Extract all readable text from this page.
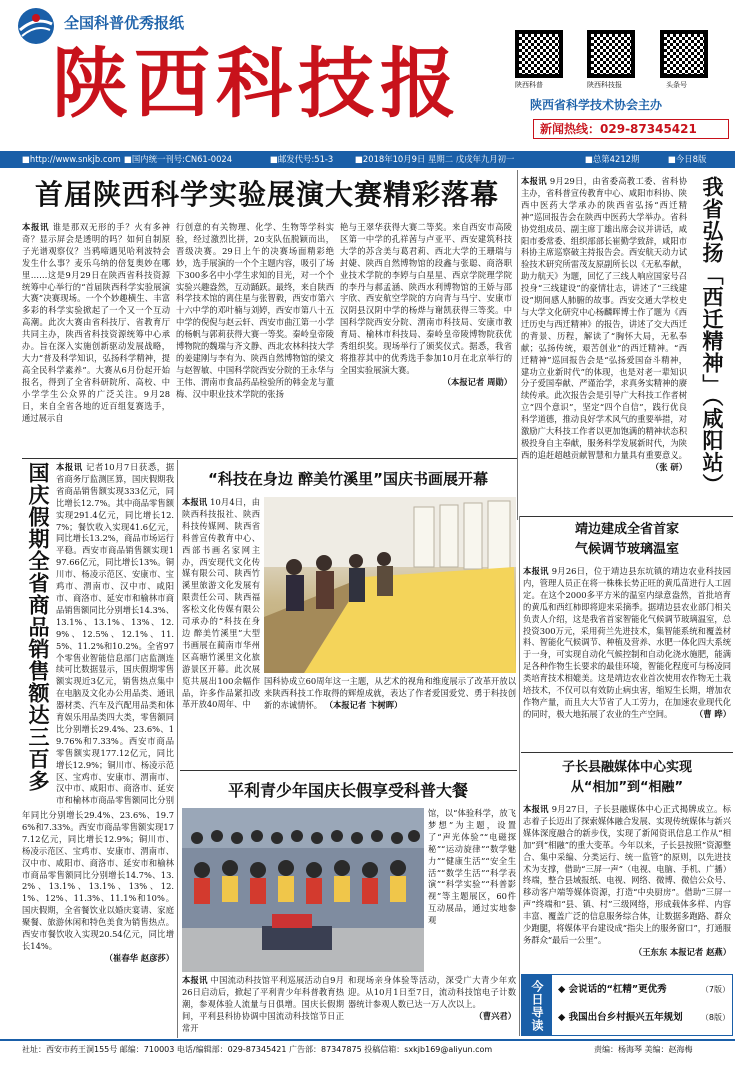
全国科普优秀报纸
陕西科技报	陕西科普	陕西科技报	头条号
陕西省科学技术协会主办
新闻热线：029-87345421
■http://www.snkjb.com ■国内统一刊号:CN61-0024	■邮发代号:51-3	■2018年10月9日 星期二 戊戌年九月初一	■总第4212期	■今日8版
首届陕西科学实验展演大赛精彩落幕
本报讯 谁是那双无形的手？火有多神奇？显示屏会是透明的吗？如何自制原子光谱观察仪？当鸦啼遇见哈利波特会发生什么事？麦乐乌纳的倍复奥妙在哪里……这是9月29日在陕西省科技资源统筹中心举行的“首届陕西科学实验展演大赛”决赛现场。一个个妙趣横生、丰富多彩的科学实验掀起了一个又一个互动高潮。此次大赛由省科技厅、省教育厅共同主办，陕西省科技资源统筹中心承办。旨在深入实施创新驱动发展战略，大力“普及科学知识，弘扬科学精神，提高全民科学素养”。大赛从6月份起开始报名，得到了全省科研院所、高校、中小学学生公众界的广泛关注。9月28日，来自全省各地的近百组复赛选手，通过展示自
行创意的有关物理、化学、生物等学科实验，经过激烈比拼，20支队伍脱颖而出，晋级决赛。29日上午的决赛场面精彩绝妙，选手展演的一个个主题内容，吸引了场下300多名中小学生求知的目光，对一个个实验兴趣盎然，互动踊跃。最终，来自陕西科学技术馆的离住星与张智毅，西安市第六十六中学的邓叶楠与刘婷，西安市第八十五中学的倪倪与赵云轩、西安市曲江第一小学的杨帆与郭莉获得大赛一等奖。秦岭皇帝陵博物院的魏瑞与齐文静、西北农林科技大学的姜建刚与李有为、陕西自然博物馆的梁文与赵智敏、中国科学院西安分院的王永华与王伟、渭南市食品药品检验所的韩金龙与董梅、汉中职业技术学院的张扬
艳与王翠华获得大赛二等奖。来自西安市高陵区第一中学的孔祥茜与卢亚平、西安建筑科技大学的苏含美与葛君莉、西北大学的王珊瑞与封婕、陕西自然博物馆的段鑫与张聪、商洛职业技术学院的李婷与白星星、西京学院理学院的李丹与郝孟涵、陕西水利博物馆的王娇与邵宇欣、西安航空学院的方向青与马宁、安康市汉阴县汉阴中学的杨烨与谢凯获得三等奖。中国科学院西安分院、渭南市科技局、安康市教育局、榆林市科技局、秦岭皇帝陵博物院获优秀组织奖。现场举行了颁奖仪式。据悉，我省将推荐其中的优秀选手参加10月在北京举行的全国实验展演大赛。
（本报记者 周勋）
本报讯 9月29日，由省委高教工委、省科协主办，省科普宣传教育中心、咸阳市科协、陕西中医药大学承办的陕西省弘扬“西迁精神”巡回报告会在陕西中医药大学举办。省科协党组成员、副主席丁雄出席会议并讲话，咸阳市委常委、组织部部长崔勤学致辞，咸阳市科协主席巡察破主持报告会。西安航天动力试验技术研究所雷茂友原副所长以《无私奉献，助力航天》为题，回忆了三线人响应国家号召投身“三线建设”的豪情壮志，讲述了“三线建设”期间感人肺腑的故事。西安交通大学校史与大学文化研究中心杨麟晖博士作了题为《西迁历史与西迁精神》的报告，讲述了交大西迁的背景、历程，解读了“胸怀大局，无私奉献；弘扬传统，艰苦创业”的西迁精神。“西迁精神”巡回报告会是“弘扬爱国奋斗精神，建功立业新时代”的体现，也是对老一辈知识分子爱国奉献、严谨治学，求真务实精神的赓续传承。此次报告会是引导广大科技工作者树立“四个意识”，坚定“四个自信”，践行优良科学道德，推动良好学术风气的重要举措，对激励广大科技工作者以更加饱满的精神状态积极投身自主奉献，服务科学发展新时代，为陕西的追赶超越贡献智慧和力量具有重要意义。
（张 研）
我省弘扬「西迁精神」（咸阳站）
国庆假期全省商品销售额达三百多
本报讯 记者10月7日获悉，据省商务厅监测匡算，国庆假期我省商品销售额实现333亿元，同比增长12.7%。其中商品零售额实现291.4亿元，同比增长12.7%；餐饮收入实现41.6亿元，同比增长13.2%，商品市场运行平稳。西安市商品销售额实现197.66亿元，同比增长13%。铜川市、杨凌示范区、安康市、宝鸡市、渭南市、汉中市、咸阳市、商洛市、延安市和榆林市商品销售额同比分别增长14.3%、13.1%、13.1%、13%、12.9%、12.5%、12.1%、11.5%、11.2%和10.2%。全省97个零售业智能信息部门店监测连续可比数据显示，国庆假期零售额实现近3亿元，销售热点集中在电脑及文化办公用品类、通讯器材类、汽车及汽配用品类和体育娱乐用品类四大类，零售额同比分别增长29.4%、23.6%、19.76%和7.33%。西安市商品零售额实现177.12亿元，同比增长12.9%；铜川市、杨凌示范区、宝鸡市、安康市、渭南市、汉中市、咸阳市、商洛市、延安市和榆林市商品零售额同比分别
年同比分别增长29.4%、23.6%、19.76%和7.33%。西安市商品零售额实现177.12亿元，同比增长12.9%；铜川市、杨凌示范区、宝鸡市、安康市、渭南市、汉中市、咸阳市、商洛市、延安市和榆林市商品零售额同比分别增长14.7%、13.2%、13.1%、13.1%、13%、12.1%、12%、11.3%、11.1%和10%。国庆假期，全省餐饮业以婚庆宴请、家庭聚餐、旅游休闲和特色美食为销售热点。西安市餐饮收入实现20.54亿元，同比增长14%。
（崔春华 赵彦莎）
“科技在身边 醉美竹溪里”国庆书画展开幕
本报讯 10月4日，由陕西科技报社、陕西科技传媒网、陕西省科普宣传教育中心、西部书画名家网主办，西安现代文化传媒有限公司、陕西竹溪里旅游文化发展有限责任公司、陕西福客松文化传媒有限公司承办的“科技在身边 醉美竹溪里”大型书画展在蔺南市华州区高塘竹溪里文化旅游景区开幕。此次展览共展出100余幅作品，许多作品紧扣改革开放40周年、中
国科协成立60周年这一主题，从艺术的视角和维度展示了改革开放以来陕西科技工作取得的辉煌成就，表达了作者爱国爱党、勇于科技创新的赤诚情怀。 （本报记者 卞树晖）
平利青少年国庆长假享受科普大餐
馆，以“体验科学，放飞梦想”为主题，设置了“声光体验”“电磁探秘”“运动旋律”“数学魅力”“健康生活”“安全生活”“数学生活”“科学表演”“科学实验”“科普影视”等主题展区，60件互动展品，通过实地参观
本报讯 中国流动科技馆平利巡展活动自9月26日启动后，掀起了平利青少年科普教育热潮，参观体验人流量与日俱增。国庆长假期间，平利县科协协调中国流动科技馆节日正常开
和现场亲身体验等活动，深受广大青少年欢迎。从10月1日至7日，流动科技馆电子计数器统计参观人数已达一万人次以上。
（曹兴君）
靖边建成全省首家
气候调节玻璃温室
本报讯 9月26日，位于靖边县东坑镇的靖边农业科技园内，管理人员正在将一株株长势正旺的黄瓜苗进行人工固定。在这个2000多平方米的温室内绿意盎然，首批培育的黄瓜和西红柿即将迎来采摘季。据靖边县农业部门相关负责人介绍，这是我省首家智能化气候调节玻璃温室，总投资300万元，采用荷兰先进技术，集智能系统和覆盖材料、智能化气候调节、种植及营养、水肥一体化四大系统于一身，可实现自动化气候控制和自动化浇水施肥，能满足各种作物生长要求的最佳环境，智能化程度可与杨凌同类培育技术相媲美。这是靖边农业首次使用农作物无土栽培技术，不仅可以有效防止病虫害，缩短生长期，增加农作物产量，而且大大节省了人工劳力，在加速农业现代化的同时，极大地拓展了农业的生产空间。	（曹 晔）
子长县融媒体中心实现
从“相加”到“相融”
本报讯 9月27日，子长县融媒体中心正式揭牌成立。标志着子长迈出了探索媒体融合发展、实现传统媒体与新兴媒体深度融合的新步伐，实现了新闻资讯信息工作从“相加”到“相融”的重大变革。今年以来，子长县按照“资源整合、集中采编、分类运行、统一监管”的原则，以先进技术为支撑，借助“三屏一声”（电视、电脑、手机、广播）终端，整合县域报纸、电视、网络、微博、微信公众号、移动客户端等媒体资源，打造“中央厨房”。借助“三屏一声”终端和“县、镇、村”三级网络，形成载体多样、内容丰富、覆盖广泛的信息服务综合体，让数据多跑路、群众少跑腿，将媒体平台建设成“指尖上的服务窗口”，打通服务群众“最后一公里”。
（王东东 本报记者 赵燕）
今日导读	◆ 会说话的“杠精”更优秀	（7版）
◆ 我国出台乡村振兴五年规划 （8版）
社址：西安市药王洞155号 邮编：710003 电话/编辑部：029-87345421 广告部：87347875 投稿信箱：sxkjb169@aliyun.com	责编：杨海琴 美编：赵海梅
